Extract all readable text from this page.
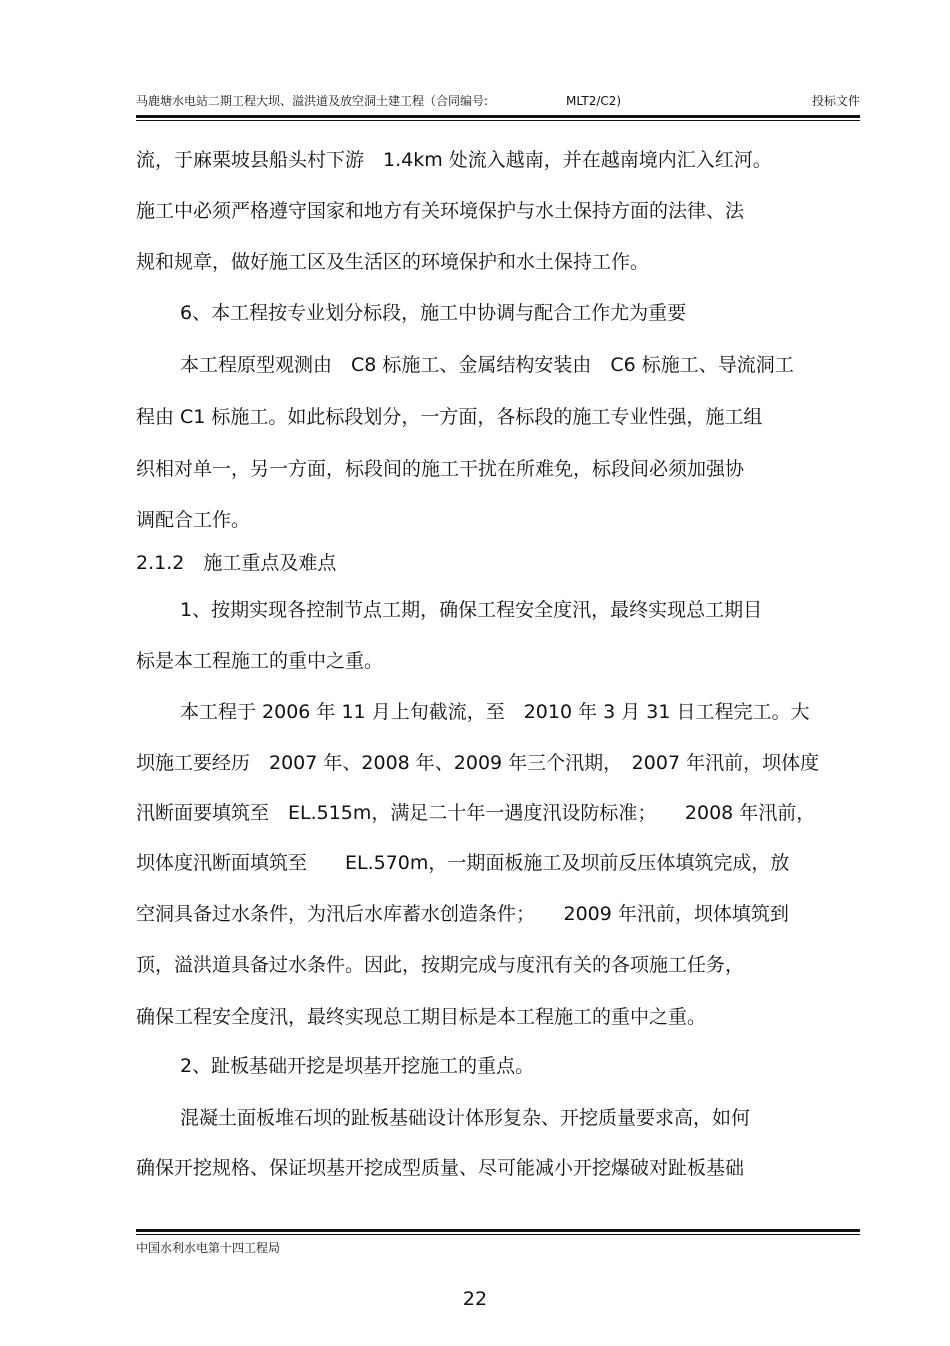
马鹿塘水电站二期工程大坝、溢洪道及放空洞土建工程（合同编号:	MLT2/C2)	投标文件
流，于麻栗坡县船头村下游　1.4km 处流入越南，并在越南境内汇入红河。
施工中必须严格遵守国家和地方有关环境保护与水土保持方面的法律、法
规和规章，做好施工区及生活区的环境保护和水土保持工作。
6、本工程按专业划分标段，施工中协调与配合工作尤为重要
本工程原型观测由　C8 标施工、金属结构安装由　C6 标施工、导流洞工
程由 C1 标施工。如此标段划分，一方面，各标段的施工专业性强，施工组
织相对单一，另一方面，标段间的施工干扰在所难免，标段间必须加强协
调配合工作。
2.1.2　施工重点及难点
1、按期实现各控制节点工期，确保工程安全度汛，最终实现总工期目
标是本工程施工的重中之重。
本工程于 2006 年 11 月上旬截流，至　2010 年 3 月 31 日工程完工。大
坝施工要经历　2007 年、2008 年、2009 年三个汛期，　2007 年汛前，坝体度
汛断面要填筑至　EL.515m，满足二十年一遇度汛设防标准；　　2008 年汛前，
坝体度汛断面填筑至　　EL.570m，一期面板施工及坝前反压体填筑完成，放
空洞具备过水条件，为汛后水库蓄水创造条件；　　2009 年汛前，坝体填筑到
顶，溢洪道具备过水条件。因此，按期完成与度汛有关的各项施工任务，
确保工程安全度汛，最终实现总工期目标是本工程施工的重中之重。
2、趾板基础开挖是坝基开挖施工的重点。
混凝土面板堆石坝的趾板基础设计体形复杂、开挖质量要求高，如何
确保开挖规格、保证坝基开挖成型质量、尽可能减小开挖爆破对趾板基础
中国水利水电第十四工程局
22
